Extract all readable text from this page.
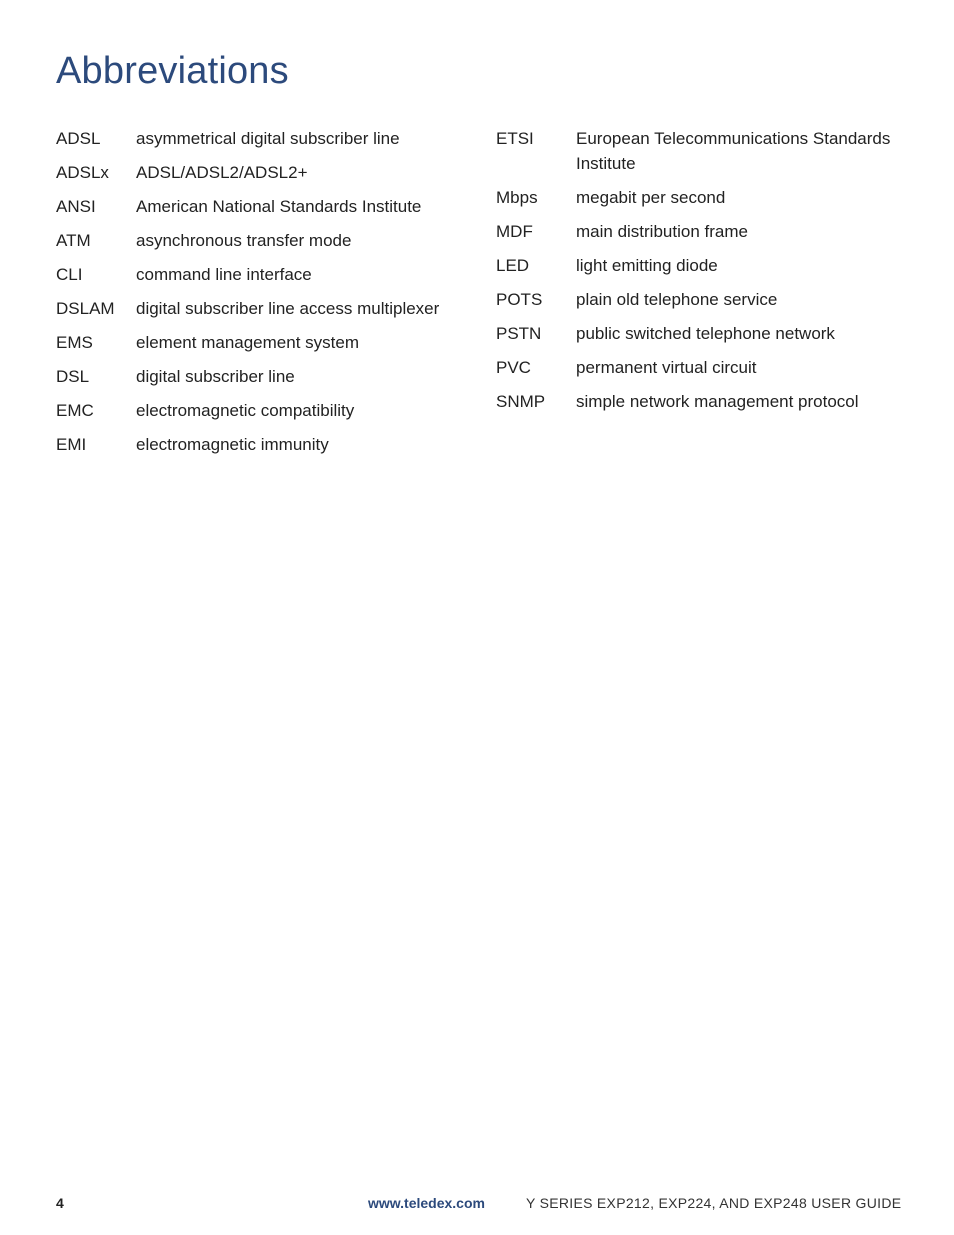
Abbreviations
ADSL	asymmetrical digital subscriber line
ADSLx	ADSL/ADSL2/ADSL2+
ANSI	American National Standards Institute
ATM	asynchronous transfer mode
CLI	command line interface
DSLAM	digital subscriber line access multiplexer
EMS	element management system
DSL	digital subscriber line
EMC	electromagnetic compatibility
EMI	electromagnetic immunity
ETSI	European Telecommunications Standards Institute
Mbps	megabit per second
MDF	main distribution frame
LED	light emitting diode
POTS	plain old telephone service
PSTN	public switched telephone network
PVC	permanent virtual circuit
SNMP	simple network management protocol
4	www.teledex.com	Y SERIES EXP212, EXP224, AND EXP248 USER GUIDE
